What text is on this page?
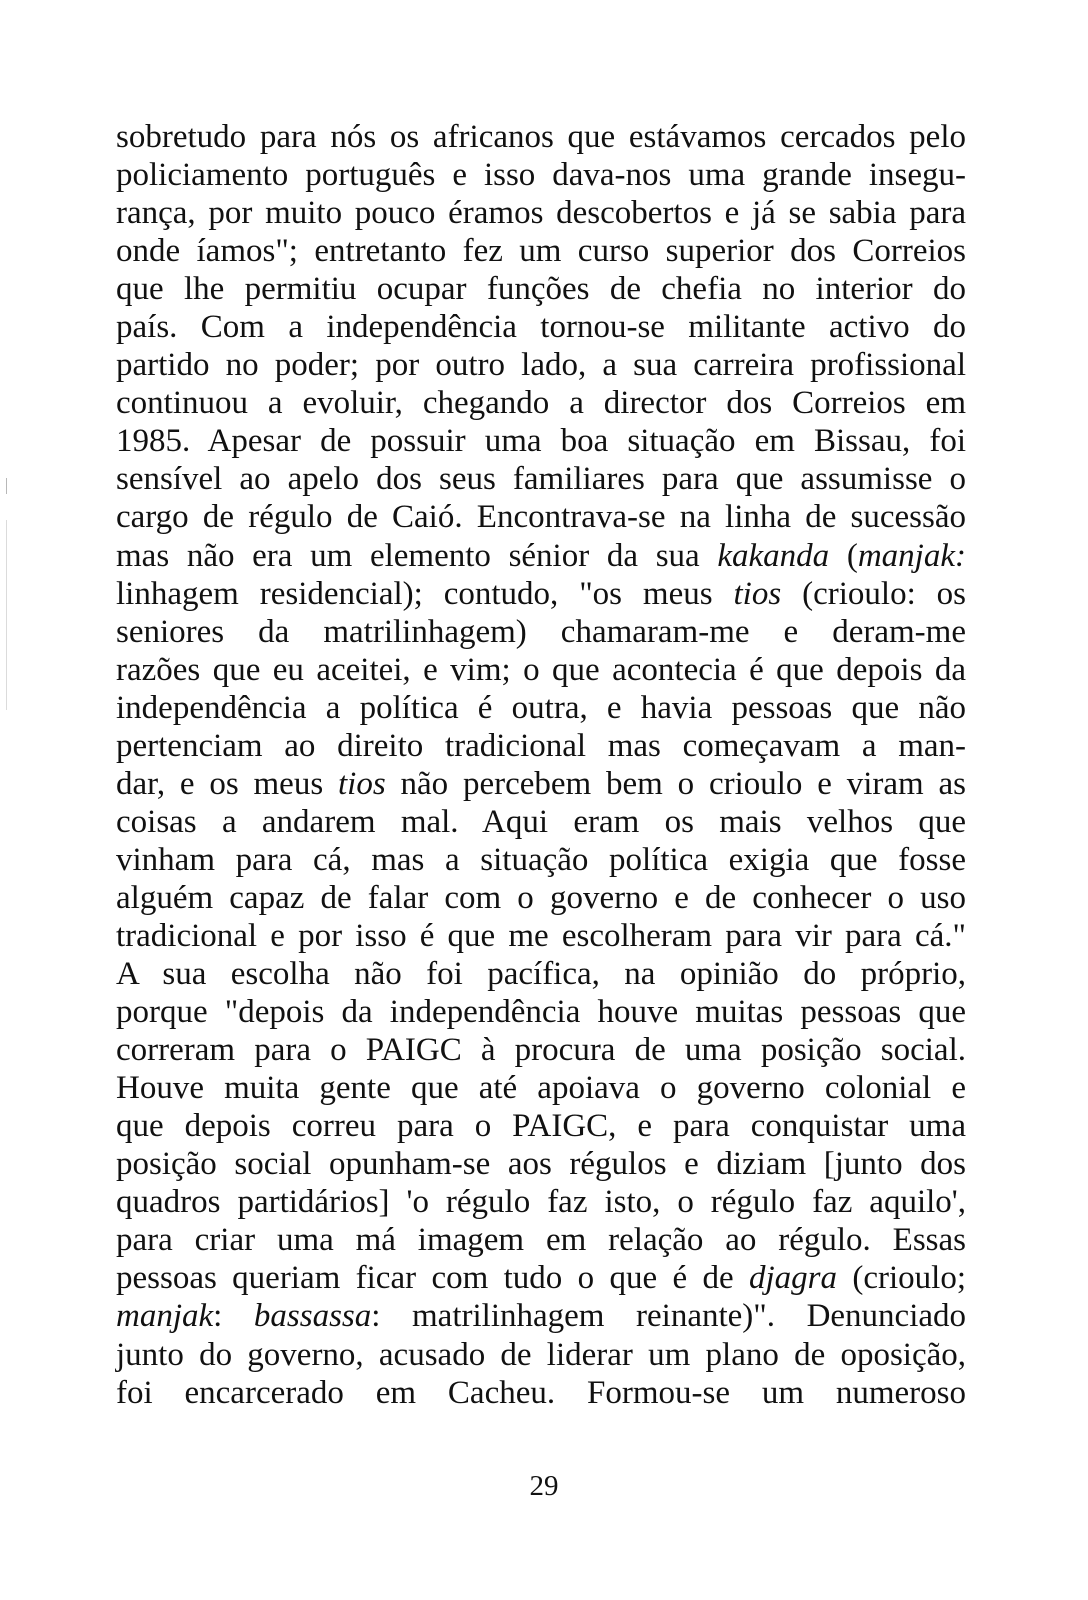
sobretudo para nós os africanos que estávamos cercados pelo
policiamento português e isso dava-nos uma grande insegu-
rança, por muito pouco éramos descobertos e já se sabia para
onde íamos"; entretanto fez um curso superior dos Correios
que lhe permitiu ocupar funções de chefia no interior do
país. Com a independência tornou-se militante activo do
partido no poder; por outro lado, a sua carreira profissional
continuou a evoluir, chegando a director dos Correios em
1985. Apesar de possuir uma boa situação em Bissau, foi
sensível ao apelo dos seus familiares para que assumisse o
cargo de régulo de Caió. Encontrava-se na linha de sucessão
mas não era um elemento sénior da sua kakanda (manjak:
linhagem residencial); contudo, "os meus tios (crioulo: os
seniores da matrilinhagem) chamaram-me e deram-me
razões que eu aceitei, e vim; o que acontecia é que depois da
independência a política é outra, e havia pessoas que não
pertenciam ao direito tradicional mas começavam a man-
dar, e os meus tios não percebem bem o crioulo e viram as
coisas a andarem mal. Aqui eram os mais velhos que
vinham para cá, mas a situação política exigia que fosse
alguém capaz de falar com o governo e de conhecer o uso
tradicional e por isso é que me escolheram para vir para cá."
A sua escolha não foi pacífica, na opinião do próprio,
porque "depois da independência houve muitas pessoas que
correram para o PAIGC à procura de uma posição social.
Houve muita gente que até apoiava o governo colonial e
que depois correu para o PAIGC, e para conquistar uma
posição social opunham-se aos régulos e diziam [junto dos
quadros partidários] 'o régulo faz isto, o régulo faz aquilo',
para criar uma má imagem em relação ao régulo. Essas
pessoas queriam ficar com tudo o que é de djagra (crioulo;
manjak: bassassa: matrilinhagem reinante)". Denunciado
junto do governo, acusado de liderar um plano de oposição,
foi encarcerado em Cacheu. Formou-se um numeroso
29
